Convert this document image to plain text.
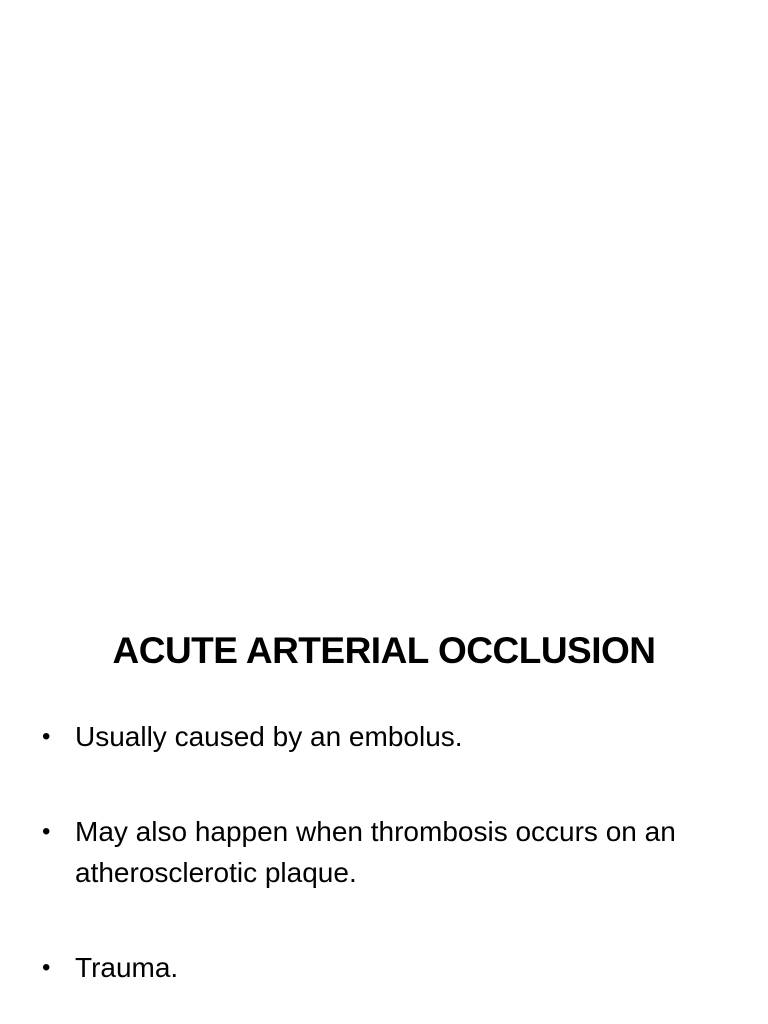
ACUTE ARTERIAL OCCLUSION
• Usually caused by an embolus.
• May also happen when thrombosis occurs on an atherosclerotic plaque.
• Trauma.
